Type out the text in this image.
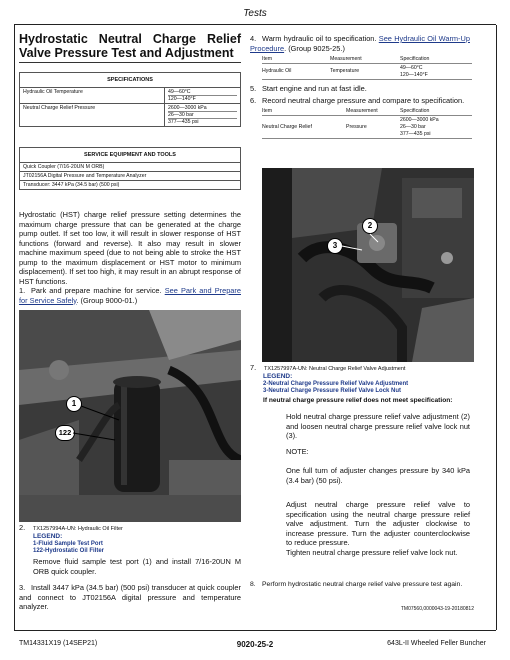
Tests
Hydrostatic Neutral Charge Relief Valve Pressure Test and Adjustment
SPECIFICATIONS	
Hydraulic Oil Temperature	49—60°C
120—140°F

Neutral Charge Relief Pressure	2600—3000 kPa
26—30 bar
377—435 psi
SERVICE EQUIPMENT AND TOOLS
Quick Coupler (7/16-20UN M ORB)
JT02156A Digital Pressure and Temperature Analyzer
Transducer: 3447 kPa (34.5 bar) (500 psi)
Hydrostatic (HST) charge relief pressure setting determines the maximum charge pressure that can be generated at the charge pump outlet. If set too low, it will result in slower response of HST functions (forward and reverse). It also may result in slower machine maximum speed (due to not being able to stroke the HST pump to the maximum displacement or HST motor to minimum displacement). If set too high, it may result in an abrupt response of HST functions.
1. Park and prepare machine for service. See Park and Prepare for Service Safely. (Group 9000-01.)
1
122
2. TX1257994A-UN: Hydraulic Oil Filter
LEGEND:
1-Fluid Sample Test Port
122-Hydrostatic Oil Filter
Remove fluid sample test port (1) and install 7/16-20UN M ORB quick coupler.
3. Install 3447 kPa (34.5 bar) (500 psi) transducer at quick coupler and connect to JT02156A digital pressure and temperature analyzer.
4. Warm hydraulic oil to specification. See Hydraulic Oil Warm-Up Procedure. (Group 9025-25.)
Item	Measurement	Specification
Hydraulic Oil	Temperature	49—60°C
120—140°F
5. Start engine and run at fast idle.
6. Record neutral charge pressure and compare to specification.
Item	Measurement	Specification
Neutral Charge Relief	Pressure
2600—3000 kPa
26—30 bar
377—435 psi
2
3
7. TX1257997A-UN: Neutral Charge Relief Valve Adjustment
LEGEND:
2-Neutral Charge Pressure Relief Valve Adjustment
3-Neutral Charge Pressure Relief Valve Lock Nut
If neutral charge pressure relief does not meet specification:
Hold neutral charge pressure relief valve adjustment (2) and loosen neutral charge pressure relief valve lock nut (3).
NOTE:
One full turn of adjuster changes pressure by 340 kPa (3.4 bar) (50 psi).
Adjust neutral charge pressure relief valve to specification using the neutral charge pressure relief valve adjustment. Turn the adjuster clockwise to increase pressure. Turn the adjuster counterclockwise to reduce pressure.
Tighten neutral charge pressure relief valve lock nut.
8. Perform hydrostatic neutral charge relief valve pressure test again.
TM07560,0000043-19-20180812
TM14331X19 (14SEP21)	9020-25-2	643L-II Wheeled Feller Buncher
